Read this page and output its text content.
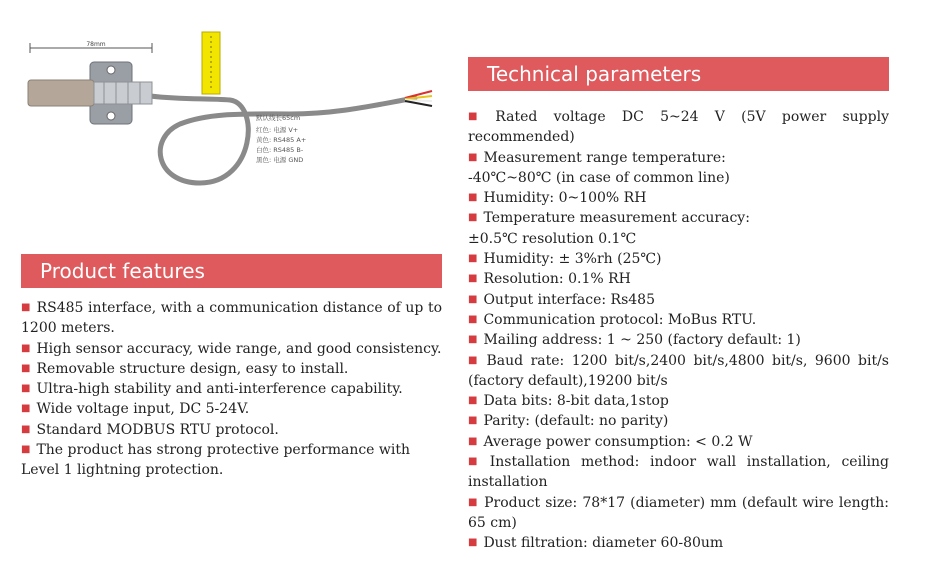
78mm
默认线长65cm
红色: 电源 V+
黄色: RS485 A+
白色: RS485 B-
黑色: 电源 GND
Product features
■ RS485 interface, with a communication distance of up to 1200 meters.
■ High sensor accuracy, wide range, and good consistency.
■ Removable structure design, easy to install.
■ Ultra-high stability and anti-interference capability.
■ Wide voltage input, DC 5-24V.
■ Standard MODBUS RTU protocol.
■ The product has strong protective performance with Level 1 lightning protection.
Technical parameters
■ Rated voltage DC 5~24 V (5V power supply recommended)
■ Measurement range temperature:
-40℃~80℃ (in case of common line)
■ Humidity: 0~100% RH
■ Temperature measurement accuracy:
±0.5℃ resolution 0.1℃
■ Humidity: ± 3%rh (25℃)
■ Resolution: 0.1% RH
■ Output interface: Rs485
■ Communication protocol: MoBus RTU.
■ Mailing address: 1 ~ 250 (factory default: 1)
■ Baud rate: 1200 bit/s,2400 bit/s,4800 bit/s, 9600 bit/s (factory default),19200 bit/s
■ Data bits: 8-bit data,1stop
■ Parity: (default: no parity)
■ Average power consumption: < 0.2 W
■ Installation method: indoor wall installation, ceiling installation
■ Product size: 78*17 (diameter) mm (default wire length: 65 cm)
■ Dust filtration: diameter 60-80um
